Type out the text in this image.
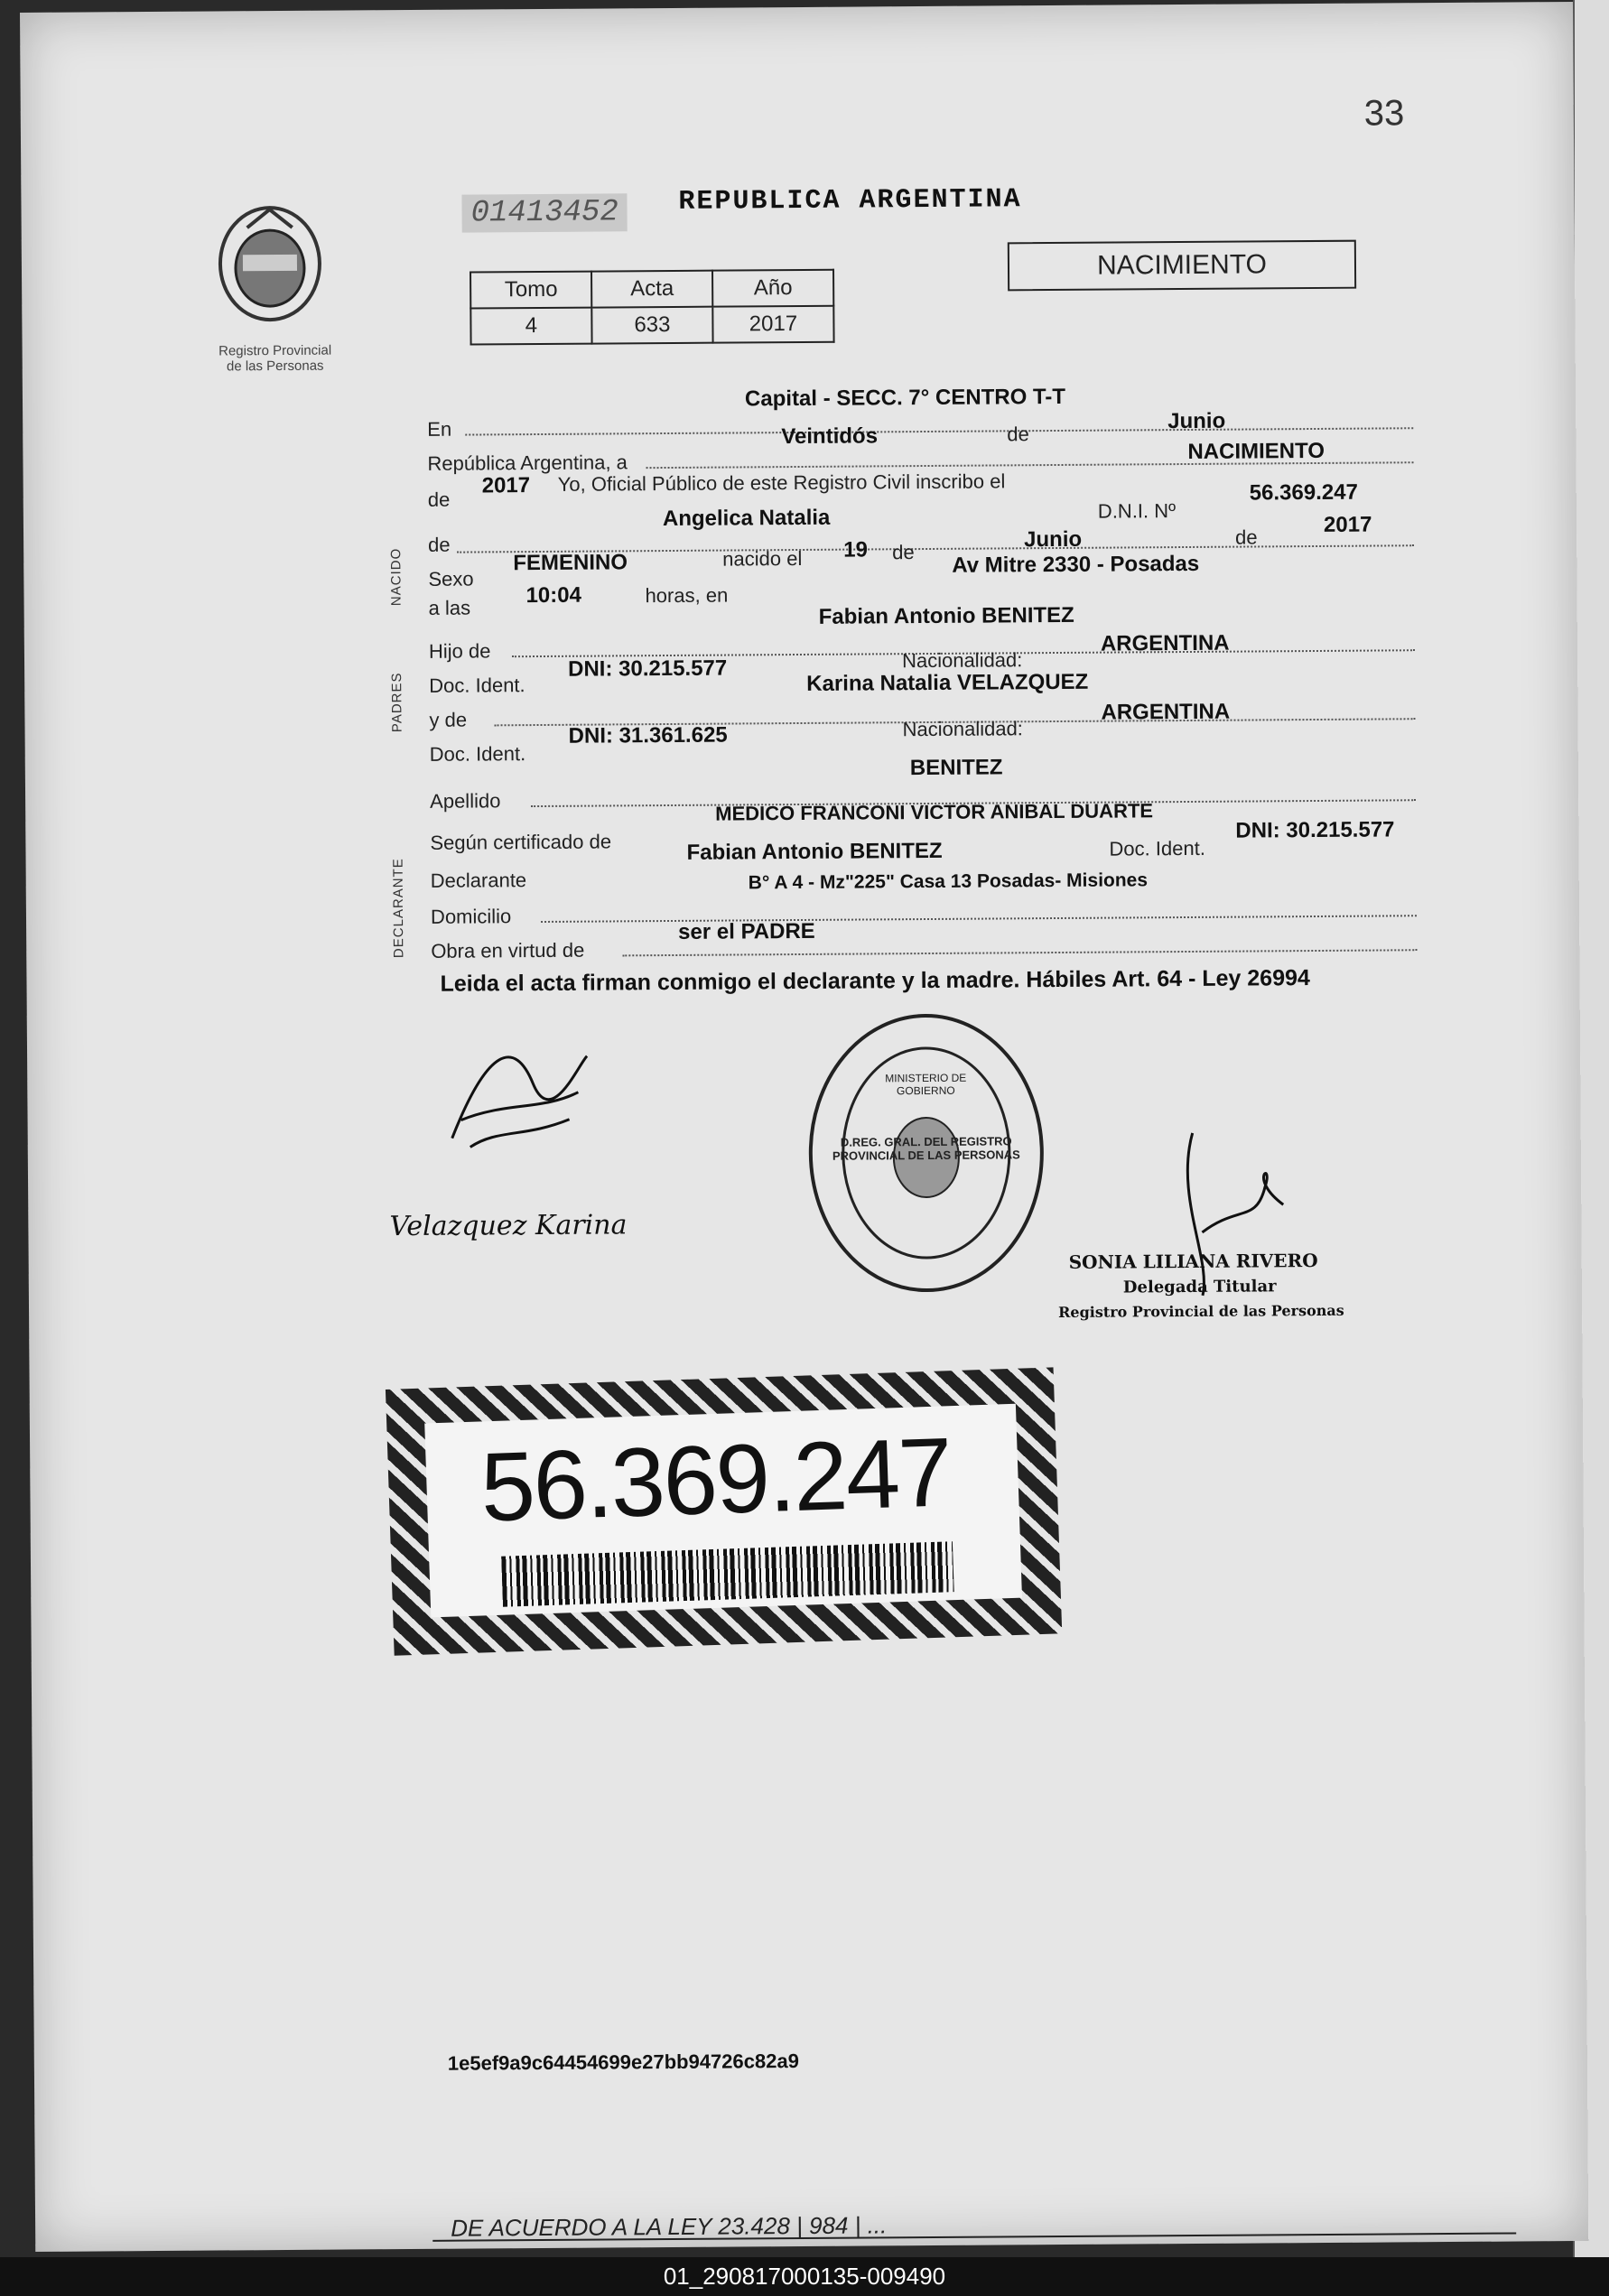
33
Registro Provincial
de las Personas
01413452	REPUBLICA ARGENTINA
Tomo	Acta	Año
4	633	2017
NACIMIENTO
En
Capital - SECC. 7° CENTRO T-T
República Argentina, a
Veintidós	de
Junio
de
2017 Yo, Oficial Público de este Registro Civil inscribo el
NACIMIENTO
de
Angelica Natalia	D.N.I. Nº
56.369.247
Sexo
FEMENINO	nacido el 19 de
Junio	de
2017
a las
10:04	horas, en
Av Mitre 2330 - Posadas
Hijo de
Fabian Antonio BENITEZ
Doc. Ident.
DNI: 30.215.577	Nacionalidad:
ARGENTINA
y de
Karina Natalia VELAZQUEZ
Doc. Ident.
DNI: 31.361.625	Nacionalidad:
ARGENTINA
Apellido
BENITEZ
Según certificado de
MEDICO FRANCONI VICTOR ANIBAL DUARTE
Declarante
Fabian Antonio BENITEZ	Doc. Ident.
DNI: 30.215.577
Domicilio
B° A 4 - Mz"225" Casa 13 Posadas- Misiones
Obra en virtud de
ser el PADRE
NACIDO
PADRES
DECLARANTE
Leida el acta firman conmigo el declarante y la madre. Hábiles Art. 64 - Ley 26994
Velazquez Karina
D.REG. GRAL. DEL REGISTRO PROVINCIAL DE LAS PERSONAS
MINISTERIO DE GOBIERNO
SONIA LILIANA RIVERO
Delegada Titular
Registro Provincial de las Personas
56.369.247
1e5ef9a9c64454699e27bb94726c82a9
DE ACUERDO A LA LEY 23.428 | 984 | ...
01_290817000135-009490
